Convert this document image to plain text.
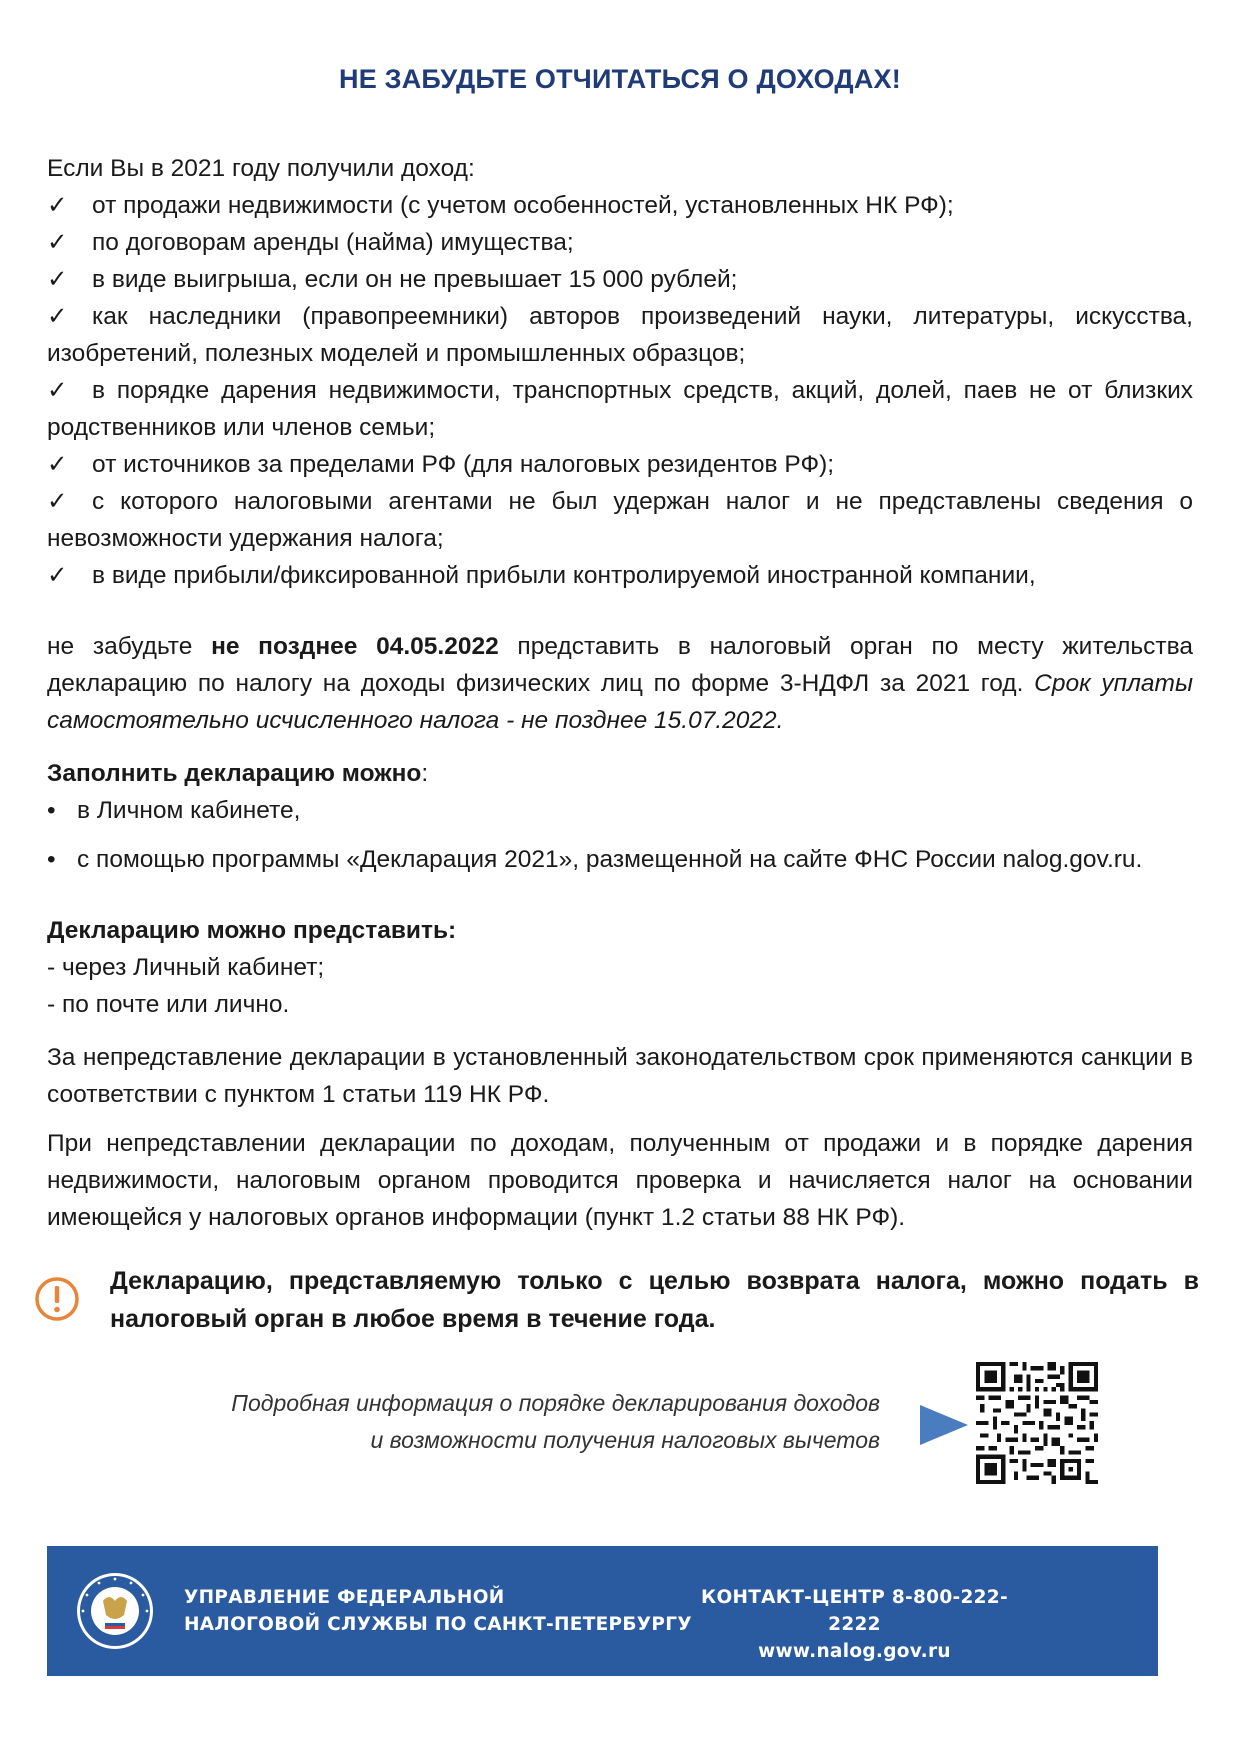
НЕ ЗАБУДЬТЕ ОТЧИТАТЬСЯ О ДОХОДАХ!

Если Вы в 2021 году получили доход:

✓ от продажи недвижимости (с учетом особенностей, установленных НК РФ);

✓ по договорам аренды (найма) имущества;

✓ в виде выигрыша, если он не превышает 15 000 рублей;

✓ как наследники (правопреемники) авторов произведений науки, литературы, искусства, изобретений, полезных моделей и промышленных образцов;

✓ в порядке дарения недвижимости, транспортных средств, акций, долей, паев не от близких родственников или членов семьи;

✓ от источников за пределами РФ (для налоговых резидентов РФ);

✓ с которого налоговыми агентами не был удержан налог и не представлены сведения о невозможности удержания налога;

✓ в виде прибыли/фиксированной прибыли контролируемой иностранной компании,

не забудьте не позднее 04.05.2022 представить в налоговый орган по месту жительства декларацию по налогу на доходы физических лиц по форме 3-НДФЛ за 2021 год. Срок уплаты самостоятельно исчисленного налога - не позднее 15.07.2022.

Заполнить декларацию можно:

• в Личном кабинете,

• с помощью программы «Декларация 2021», размещенной на сайте ФНС России nalog.gov.ru.

Декларацию можно представить:

- через Личный кабинет;

- по почте или лично.

За непредставление декларации в установленный законодательством срок применяются санкции в соответствии с пунктом 1 статьи 119 НК РФ.

При непредставлении декларации по доходам, полученным от продажи и в порядке дарения недвижимости, налоговым органом проводится проверка и начисляется налог на основании имеющейся у налоговых органов информации (пункт 1.2 статьи 88 НК РФ).

Декларацию, представляемую только с целью возврата налога, можно подать в налоговый орган в любое время в течение года.
Подробная информация о порядке декларирования доходов
и возможности получения налоговых вычетов
УПРАВЛЕНИЕ ФЕДЕРАЛЬНОЙ
НАЛОГОВОЙ СЛУЖБЫ ПО САНКТ-ПЕТЕРБУРГУ
КОНТАКТ-ЦЕНТР 8-800-222-2222
www.nalog.gov.ru
